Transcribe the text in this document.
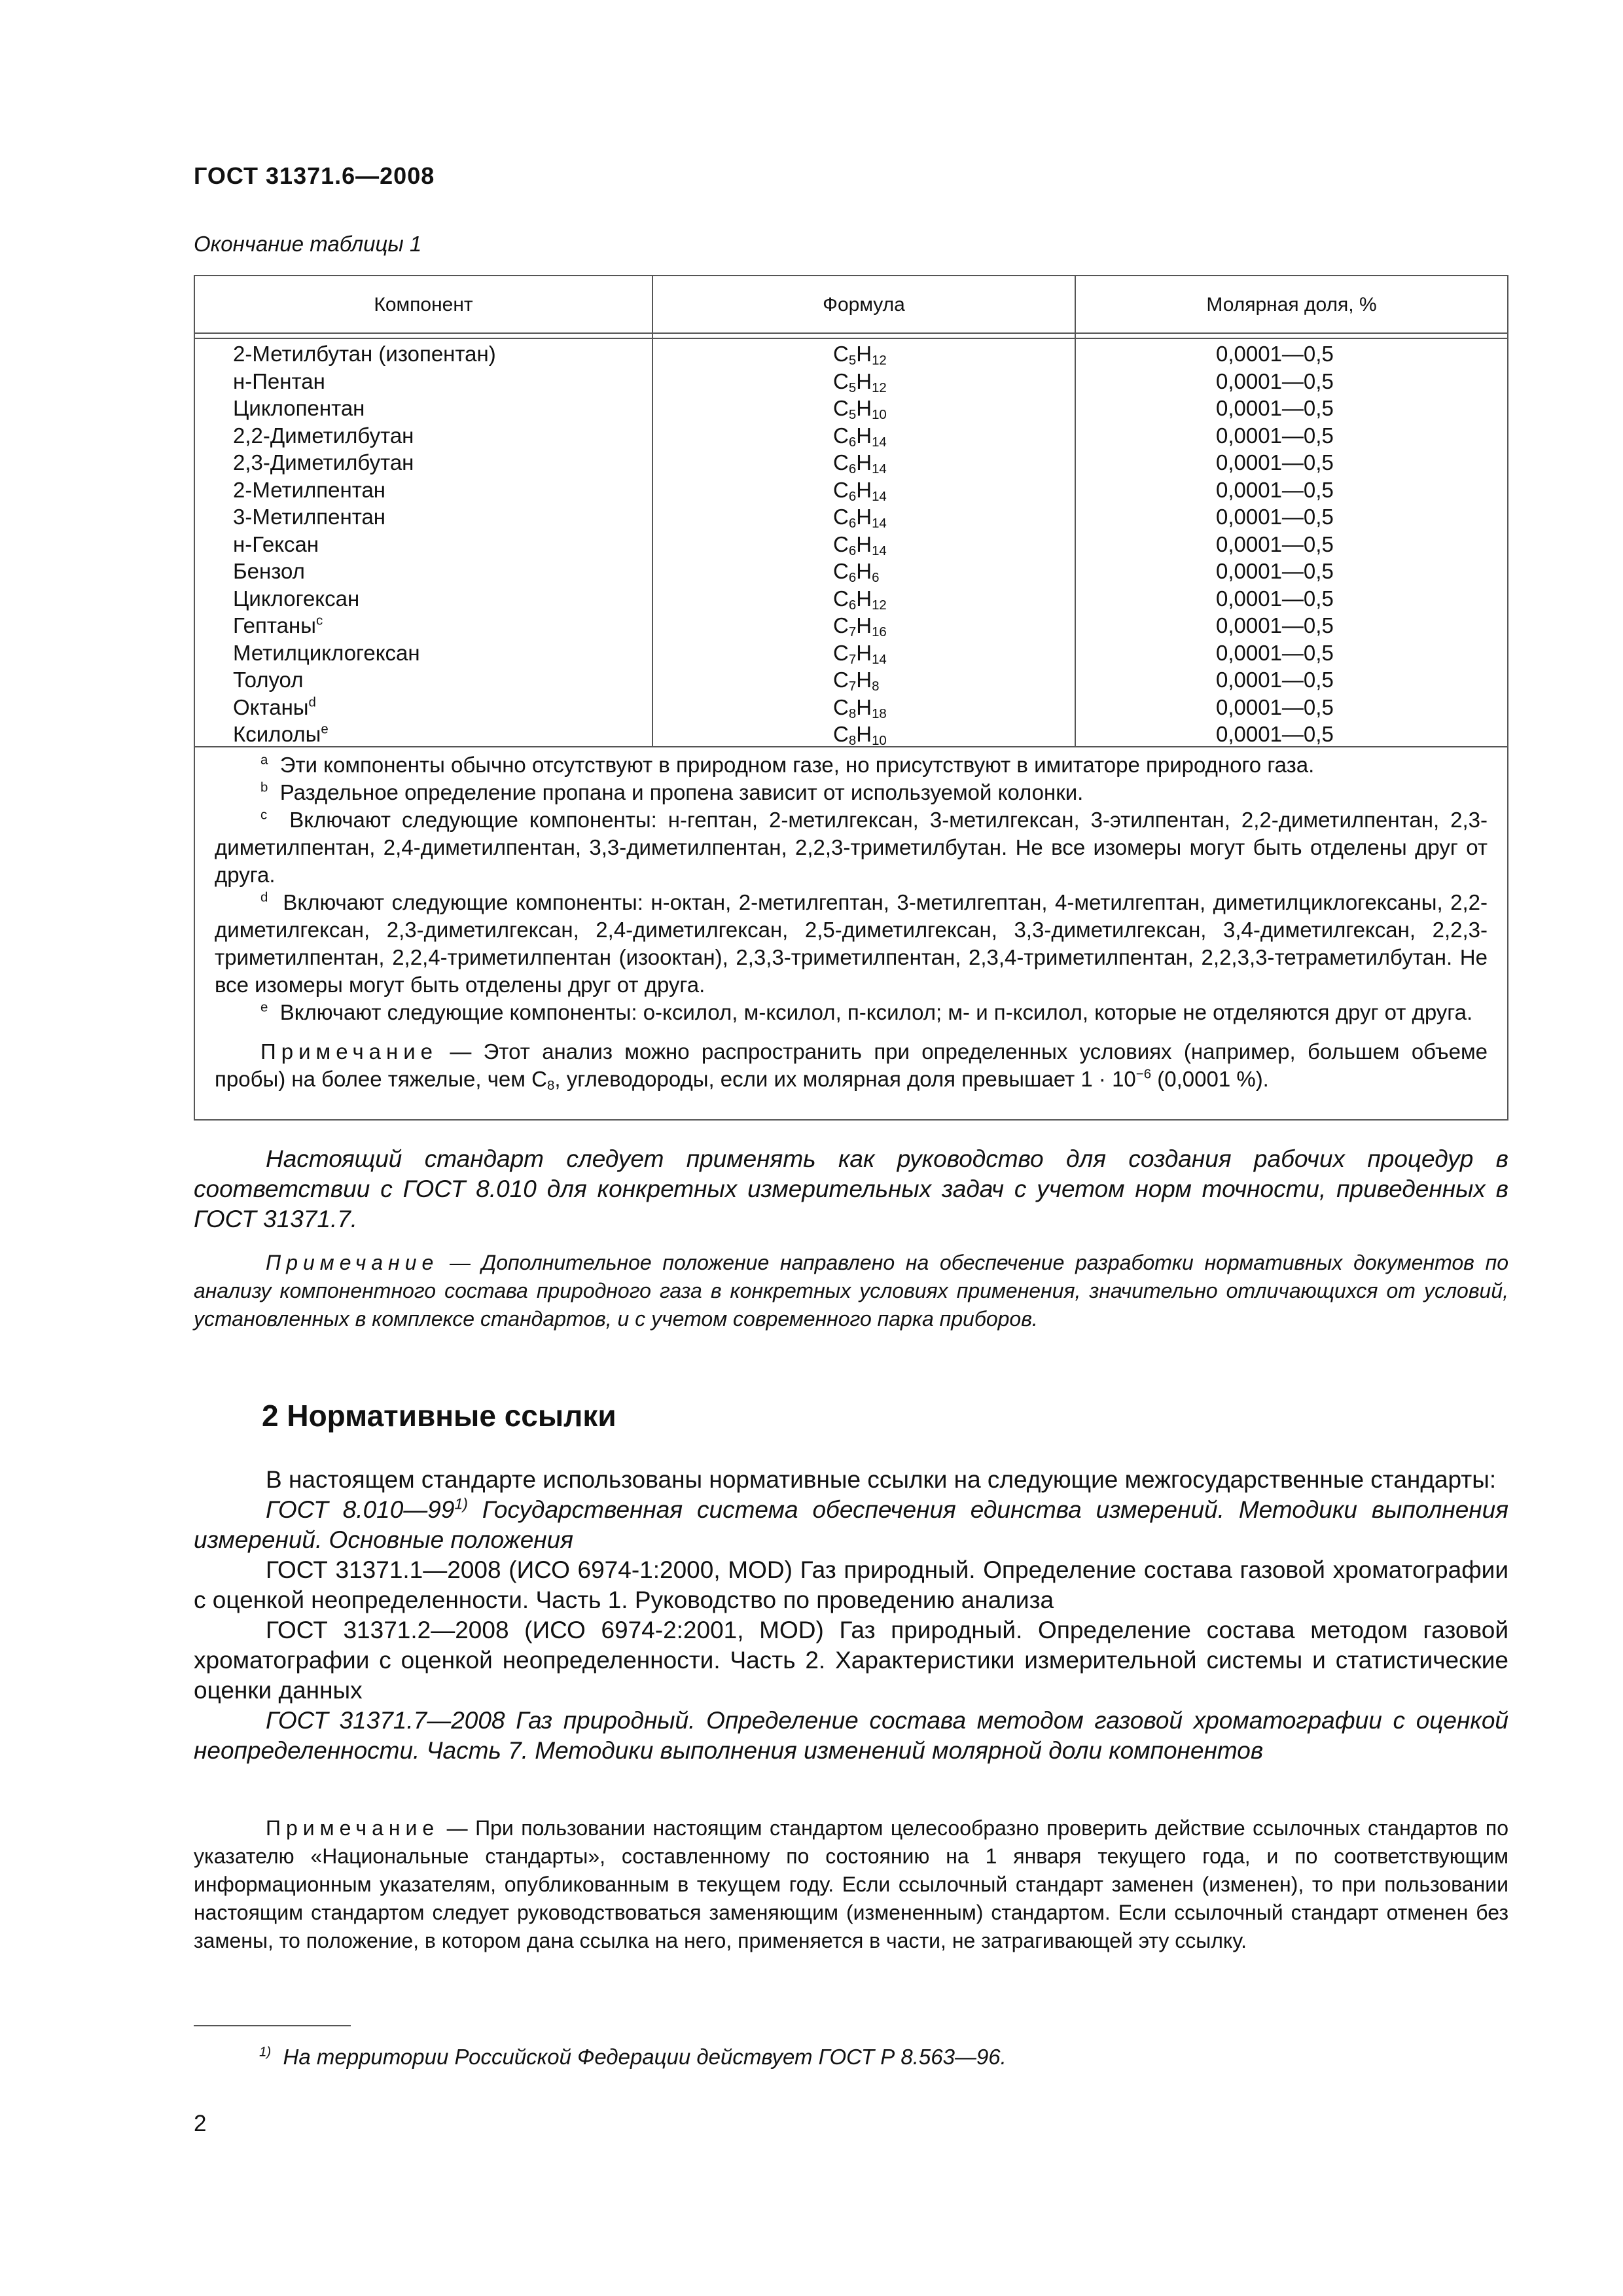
ГОСТ 31371.6—2008
Окончание таблицы 1
Компонент	Формула	Молярная доля, %
2-Метилбутан (изопентан)	$C_5H_{12}$	0,0001—0,5
н-Пентан	$C_5H_{12}$	0,0001—0,5
Циклопентан	$C_5H_{10}$	0,0001—0,5
2,2-Диметилбутан	$C_6H_{14}$	0,0001—0,5
2,3-Диметилбутан	$C_6H_{14}$	0,0001—0,5
2-Метилпентан	$C_6H_{14}$	0,0001—0,5
3-Метилпентан	$C_6H_{14}$	0,0001—0,5
н-Гексан	$C_6H_{14}$	0,0001—0,5
Бензол	$C_6H_6$	0,0001—0,5
Циклогексан	$C_6H_{12}$	0,0001—0,5
Гептаны$^c$	$C_7H_{16}$	0,0001—0,5
Метилциклогексан	$C_7H_{14}$	0,0001—0,5
Толуол	$C_7H_8$	0,0001—0,5
Октаны$^d$	$C_8H_{18}$	0,0001—0,5
Ксилолы$^e$	$C_8H_{10}$	0,0001—0,5

$^a$ Эти компоненты обычно отсутствуют в природном газе, но присутствуют в имитаторе природного газа.

$^b$ Раздельное определение пропана и пропена зависит от используемой колонки.

$^c$ Включают следующие компоненты: н-гептан, 2-метилгексан, 3-метилгексан, 3-этилпентан, 2,2-диметилпентан, 2,3-диметилпентан, 2,4-диметилпентан, 3,3-диметилпентан, 2,2,3-триметилбутан. Не все изомеры могут быть отделены друг от друга.

$^d$ Включают следующие компоненты: н-октан, 2-метилгептан, 3-метилгептан, 4-метилгептан, диметилциклогексаны, 2,2-диметилгексан, 2,3-диметилгексан, 2,4-диметилгексан, 2,5-диметилгексан, 3,3-диметилгексан, 3,4-диметилгексан, 2,2,3-триметилпентан, 2,2,4-триметилпентан (изооктан), 2,3,3-триметилпентан, 2,3,4-триметилпентан, 2,2,3,3-тетраметилбутан. Не все изомеры могут быть отделены друг от друга.

$^e$ Включают следующие компоненты: о-ксилол, м-ксилол, п-ксилол; м- и п-ксилол, которые не отделяются друг от друга.

Примечание — Этот анализ можно распространить при определенных условиях (например, большем объеме пробы) на более тяжелые, чем $C_8$, углеводороды, если их молярная доля превышает $1 \cdot 10^{-6}$ (0,0001 %).

Настоящий стандарт следует применять как руководство для создания рабочих процедур в соответствии с ГОСТ 8.010 для конкретных измерительных задач с учетом норм точности, приведенных в ГОСТ 31371.7.

Примечание — Дополнительное положение направлено на обеспечение разработки нормативных документов по анализу компонентного состава природного газа в конкретных условиях применения, значительно отличающихся от условий, установленных в комплексе стандартов, и с учетом современного парка приборов.

2 Нормативные ссылки

В настоящем стандарте использованы нормативные ссылки на следующие межгосударственные стандарты:

ГОСТ 8.010—99$^{1)}$ Государственная система обеспечения единства измерений. Методики выполнения измерений. Основные положения

ГОСТ 31371.1—2008 (ИСО 6974-1:2000, MOD) Газ природный. Определение состава газовой хроматографии с оценкой неопределенности. Часть 1. Руководство по проведению анализа

ГОСТ 31371.2—2008 (ИСО 6974-2:2001, MOD) Газ природный. Определение состава методом газовой хроматографии с оценкой неопределенности. Часть 2. Характеристики измерительной системы и статистические оценки данных

ГОСТ 31371.7—2008 Газ природный. Определение состава методом газовой хроматографии с оценкой неопределенности. Часть 7. Методики выполнения изменений молярной доли компонентов

Примечание — При пользовании настоящим стандартом целесообразно проверить действие ссылочных стандартов по указателю «Национальные стандарты», составленному по состоянию на 1 января текущего года, и по соответствующим информационным указателям, опубликованным в текущем году. Если ссылочный стандарт заменен (изменен), то при пользовании настоящим стандартом следует руководствоваться заменяющим (измененным) стандартом. Если ссылочный стандарт отменен без замены, то положение, в котором дана ссылка на него, применяется в части, не затрагивающей эту ссылку.

$^{1)}$ На территории Российской Федерации действует ГОСТ Р 8.563—96.
2
